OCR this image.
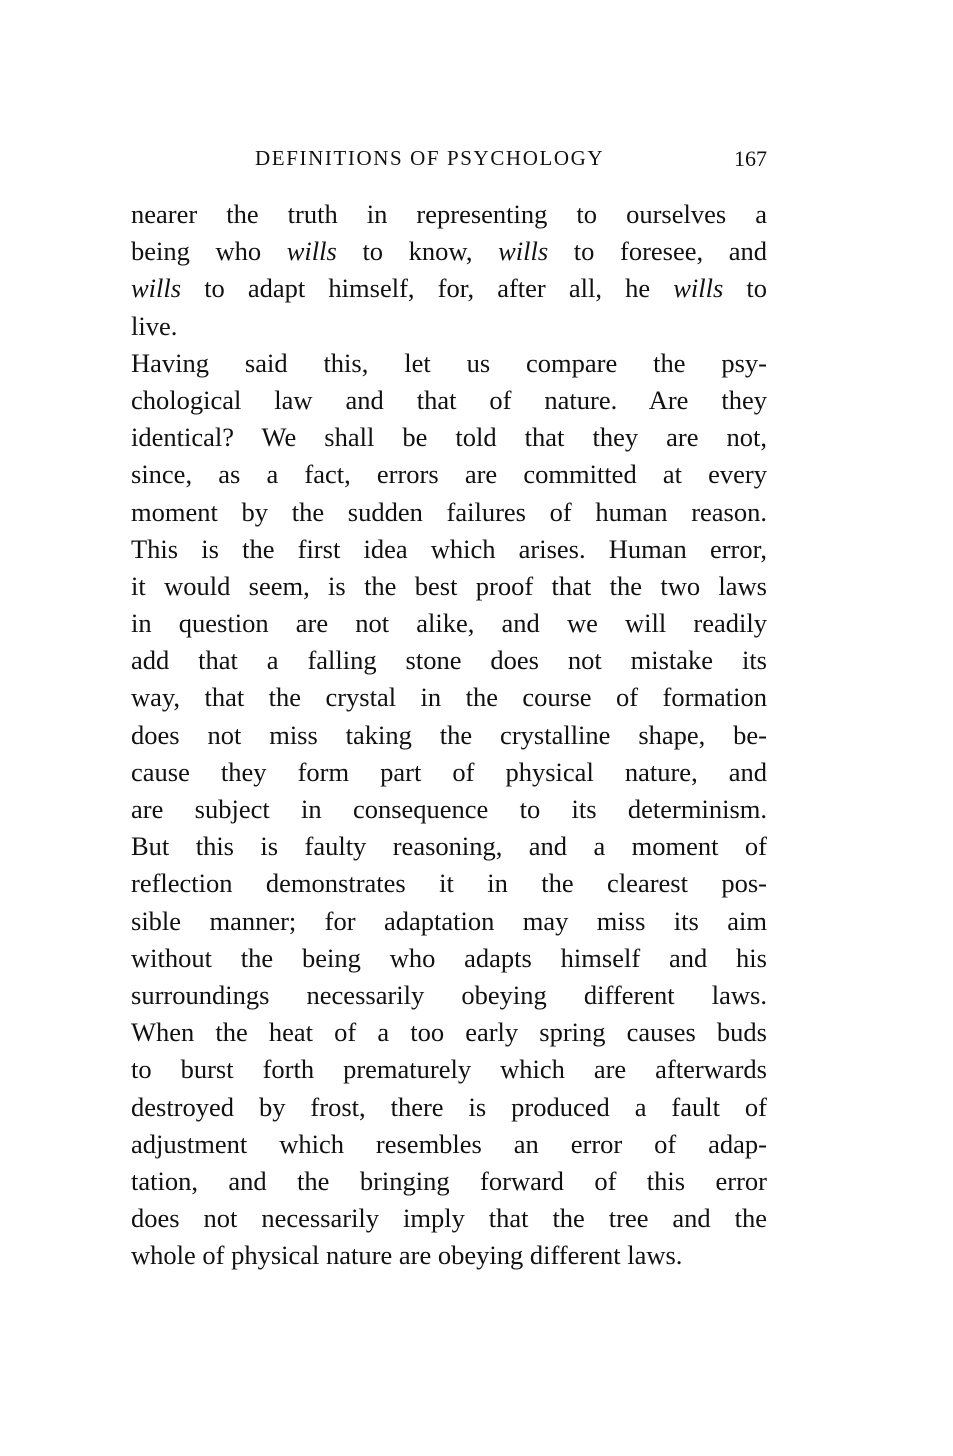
DEFINITIONS OF PSYCHOLOGY	167
nearer the truth in representing to ourselves a
being who wills to know, wills to foresee, and
wills to adapt himself, for, after all, he wills to
live.
Having said this, let us compare the psy-
chological law and that of nature. Are they
identical? We shall be told that they are not,
since, as a fact, errors are committed at every
moment by the sudden failures of human reason.
This is the first idea which arises. Human error,
it would seem, is the best proof that the two laws
in question are not alike, and we will readily
add that a falling stone does not mistake its
way, that the crystal in the course of formation
does not miss taking the crystalline shape, be-
cause they form part of physical nature, and
are subject in consequence to its determinism.
But this is faulty reasoning, and a moment of
reflection demonstrates it in the clearest pos-
sible manner; for adaptation may miss its aim
without the being who adapts himself and his
surroundings necessarily obeying different laws.
When the heat of a too early spring causes buds
to burst forth prematurely which are afterwards
destroyed by frost, there is produced a fault of
adjustment which resembles an error of adap-
tation, and the bringing forward of this error
does not necessarily imply that the tree and the
whole of physical nature are obeying different laws.
